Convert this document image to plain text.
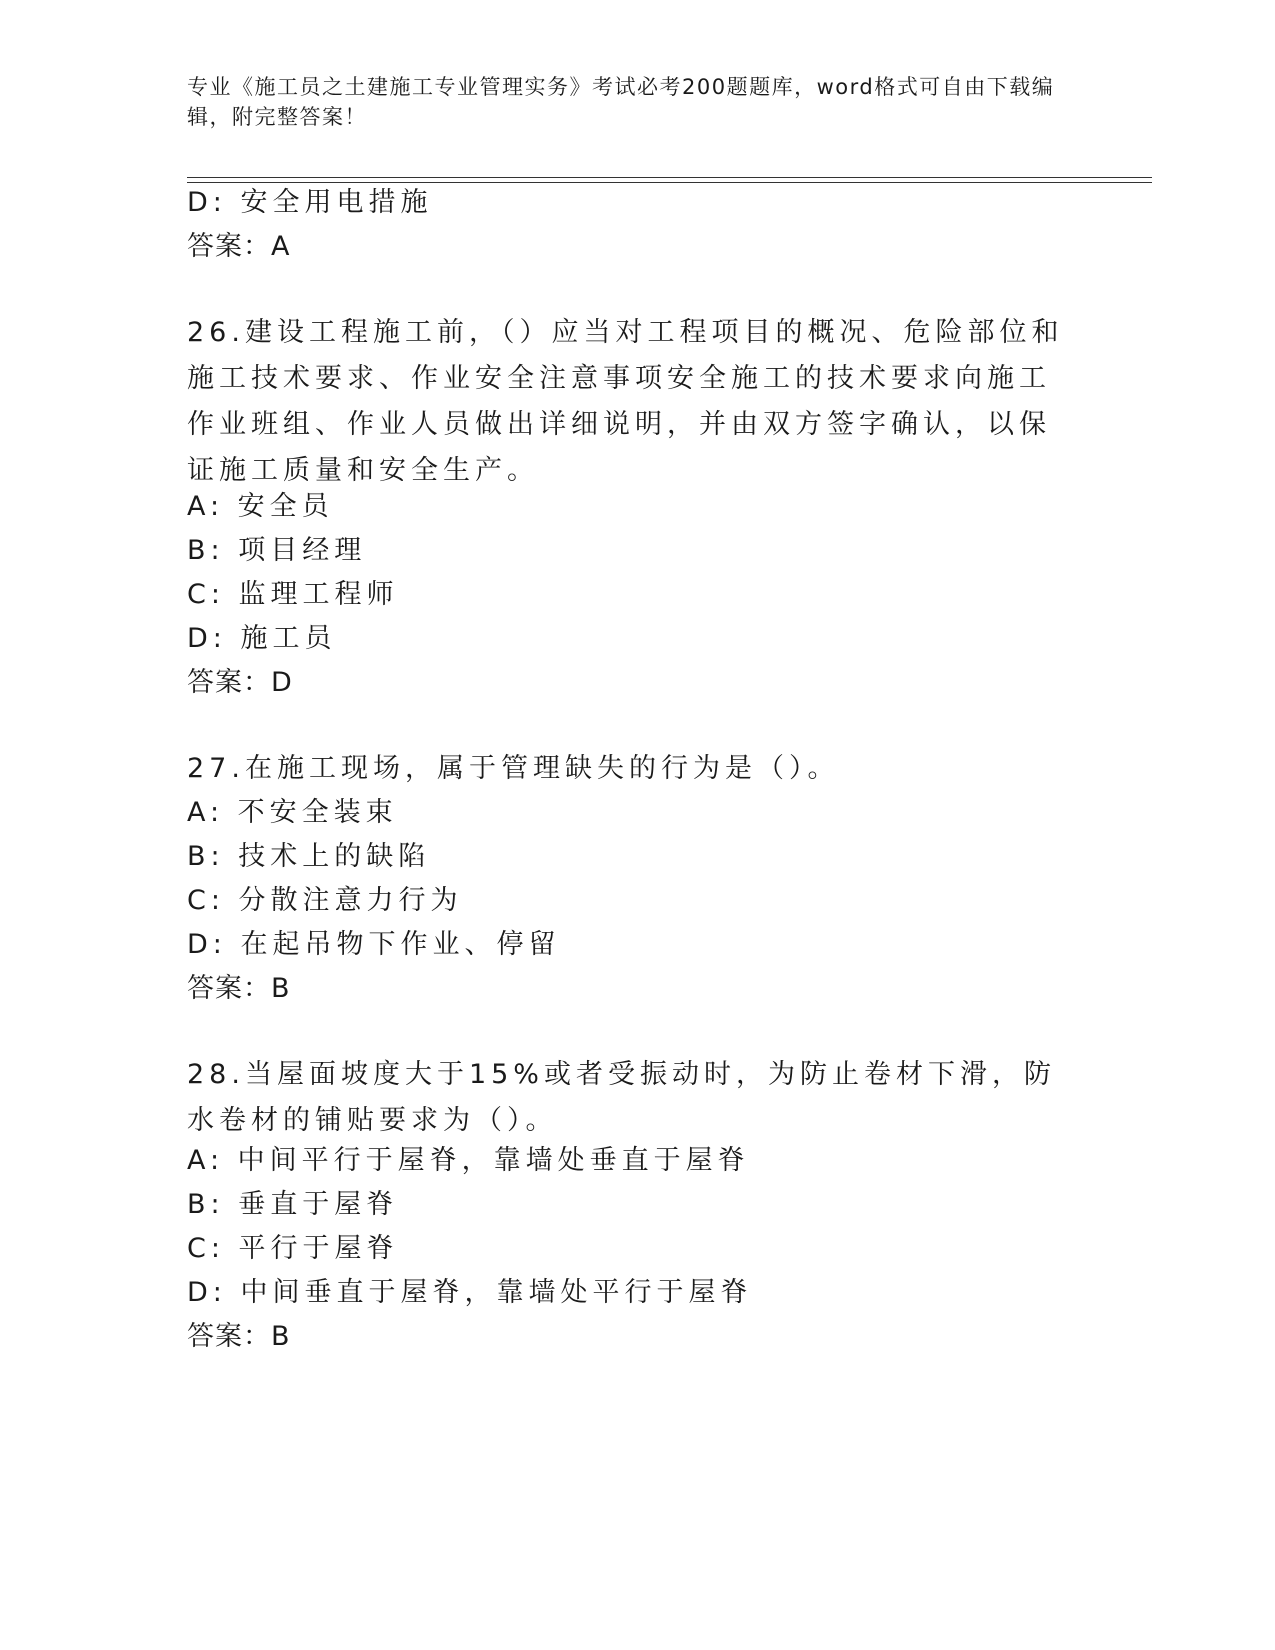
专业《施工员之土建施工专业管理实务》考试必考200题题库，word格式可自由下载编辑，附完整答案！
D: 安全用电措施
答案：A
26.建设工程施工前，（）应当对工程项目的概况、危险部位和施工技术要求、作业安全注意事项安全施工的技术要求向施工作业班组、作业人员做出详细说明，并由双方签字确认，以保证施工质量和安全生产。
A: 安全员
B: 项目经理
C: 监理工程师
D: 施工员
答案：D
27.在施工现场，属于管理缺失的行为是（）。
A: 不安全装束
B: 技术上的缺陷
C: 分散注意力行为
D: 在起吊物下作业、停留
答案：B
28.当屋面坡度大于15%或者受振动时，为防止卷材下滑，防水卷材的铺贴要求为（）。
A: 中间平行于屋脊，靠墙处垂直于屋脊
B: 垂直于屋脊
C: 平行于屋脊
D: 中间垂直于屋脊，靠墙处平行于屋脊
答案：B
